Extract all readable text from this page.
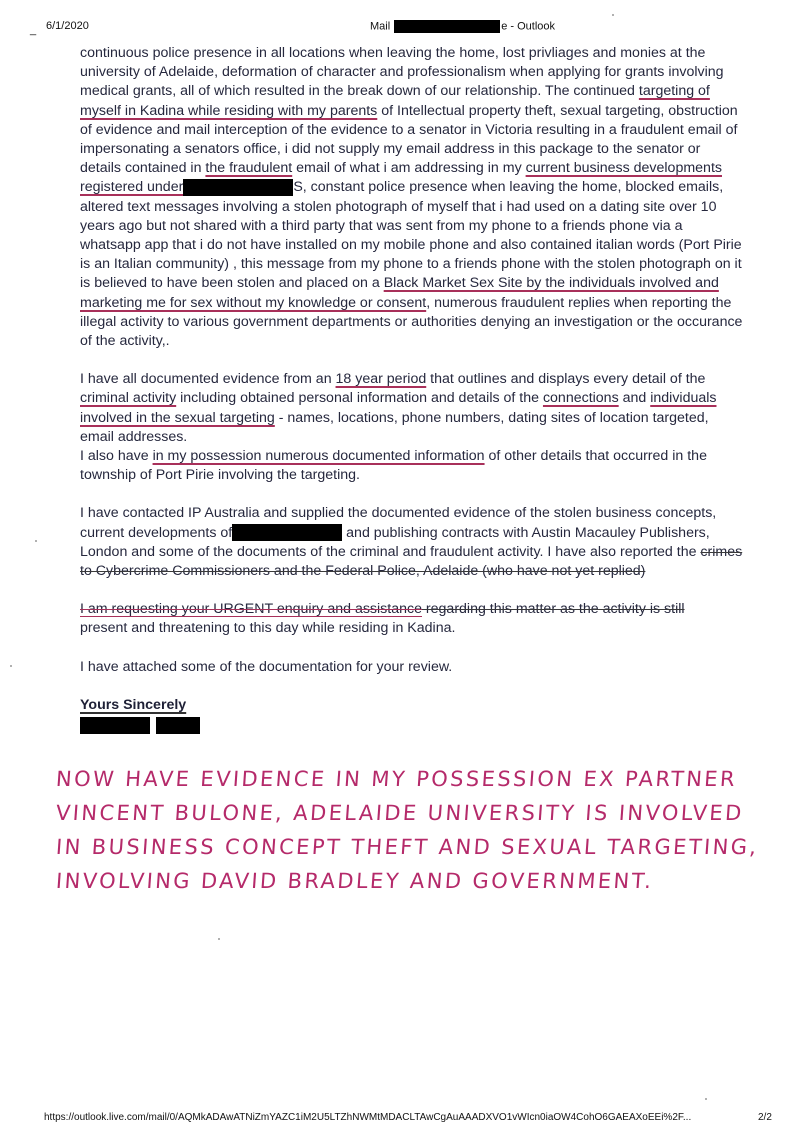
_ 6/1/2020	Mail	e - Outlook

continuous police presence in all locations when leaving the home, lost privliages and monies at the university of Adelaide, deformation of character and professionalism when applying for grants involving medical grants, all of which resulted in the break down of our relationship. The continued targeting of myself in Kadina while residing with my parents of Intellectual property theft, sexual targeting, obstruction of evidence and mail interception of the evidence to a senator in Victoria resulting in a fraudulent email of impersonating a senators office, i did not supply my email address in this package to the senator or details contained in the fraudulent email of what i am addressing in my current business developments registered under	S, constant police presence when leaving the home, blocked emails, altered text messages involving a stolen photograph of myself that i had used on a dating site over 10 years ago but not shared with a third party that was sent from my phone to a friends phone via a whatsapp app that i do not have installed on my mobile phone and also contained italian words (Port Pirie is an Italian community) , this message from my phone to a friends phone with the stolen photograph on it is believed to have been stolen and placed on a Black Market Sex Site by the individuals involved and marketing me for sex without my knowledge or consent, numerous fraudulent replies when reporting the illegal activity to various government departments or authorities denying an investigation or the occurance of the activity,.

I have all documented evidence from an 18 year period that outlines and displays every detail of the criminal activity including obtained personal information and details of the connections and individuals involved in the sexual targeting - names, locations, phone numbers, dating sites of location targeted, email addresses.

I also have in my possession numerous documented information of other details that occurred in the township of Port Pirie involving the targeting.

I have contacted IP Australia and supplied the documented evidence of the stolen business concepts, current developments of	and publishing contracts with Austin Macauley Publishers, London and some of the documents of the criminal and fraudulent activity. I have also reported the crimes to Cybercrime Commissioners and the Federal Police, Adelaide (who have not yet replied)

I am requesting your URGENT enquiry and assistance regarding this matter as the activity is still
present and threatening to this day while residing in Kadina.

I have attached some of the documentation for your review.

Yours Sincerely

NOW HAVE EVIDENCE IN MY POSSESSION EX PARTNER
VINCENT BULONE, ADELAIDE UNIVERSITY IS INVOLVED
IN BUSINESS CONCEPT THEFT AND SEXUAL TARGETING,
INVOLVING DAVID BRADLEY AND GOVERNMENT.
https://outlook.live.com/mail/0/AQMkADAwATNiZmYAZC1iM2U5LTZhNWMtMDACLTAwCgAuAAADXVO1vWIcn0iaOW4CohO6GAEAXoEEi%2F...	2/2
